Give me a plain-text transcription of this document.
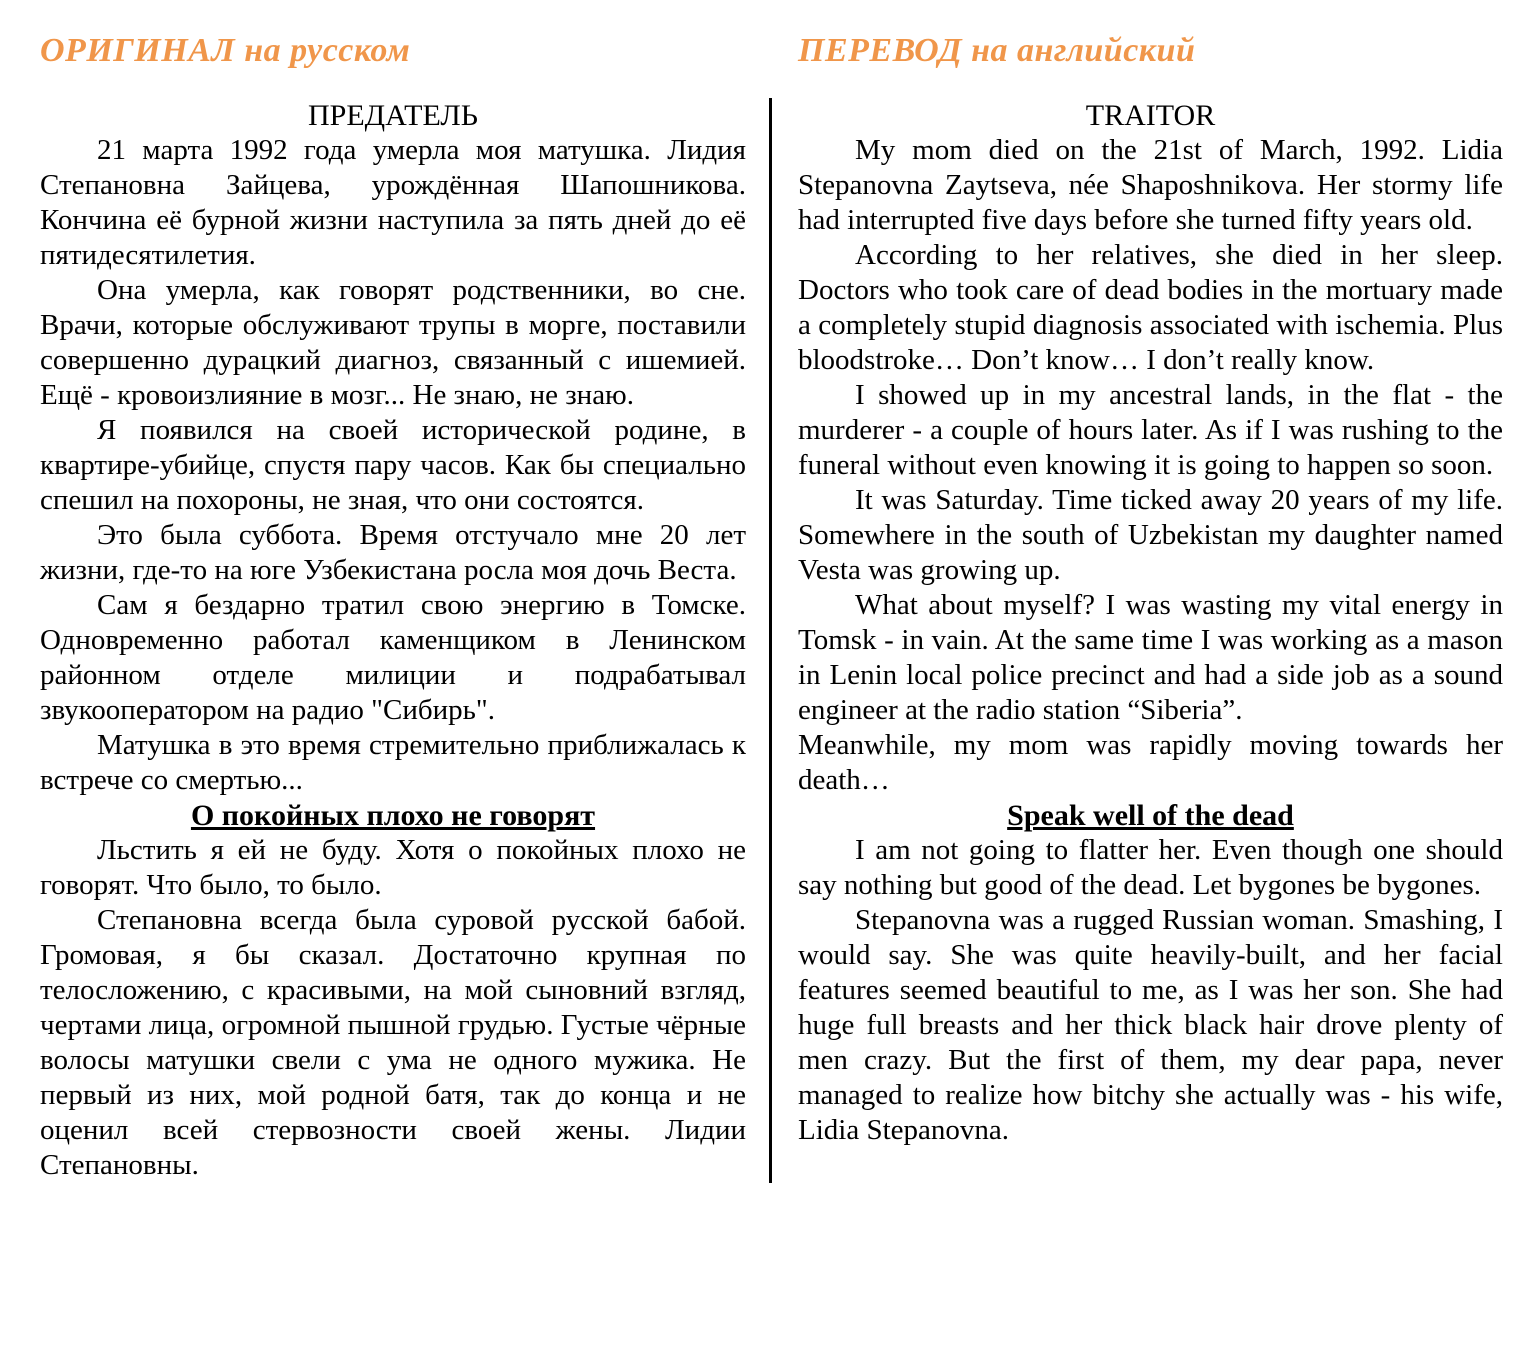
ОРИГИНАЛ на русском	ПЕРЕВОД на английский
ПРЕДАТЕЛЬ

21 марта 1992 года умерла моя матушка. Лидия Степановна Зайцева, урождённая Шапошникова. Кончина её бурной жизни наступила за пять дней до её пятидесятилетия.

Она умерла, как говорят родственники, во сне. Врачи, которые обслуживают трупы в морге, поставили совершенно дурацкий диагноз, связанный с ишемией. Ещё - кровоизлияние в мозг... Не знаю, не знаю.

Я появился на своей исторической родине, в квартире-убийце, спустя пару часов. Как бы специально спешил на похороны, не зная, что они состоятся.

Это была суббота. Время отстучало мне 20 лет жизни, где-то на юге Узбекистана росла моя дочь Веста.

Сам я бездарно тратил свою энергию в Томске. Одновременно работал каменщиком в Ленинском районном отделе милиции и подрабатывал звукооператором на радио "Сибирь".

Матушка в это время стремительно приближалась к встрече со смертью...

О покойных плохо не говорят

Льстить я ей не буду. Хотя о покойных плохо не говорят. Что было, то было.

Степановна всегда была суровой русской бабой. Громовая, я бы сказал. Достаточно крупная по телосложению, с красивыми, на мой сыновний взгляд, чертами лица, огромной пышной грудью. Густые чёрные волосы матушки свели с ума не одного мужика. Не первый из них, мой родной батя, так до конца и не оценил всей стервозности своей жены. Лидии Степановны.

TRAITOR

My mom died on the 21st of March, 1992. Lidia Stepanovna Zaytseva, née Shaposhnikova. Her stormy life had interrupted five days before she turned fifty years old.

According to her relatives, she died in her sleep. Doctors who took care of dead bodies in the mortuary made a completely stupid diagnosis associated with ischemia. Plus bloodstroke… Don’t know… I don’t really know.

I showed up in my ancestral lands, in the flat - the murderer - a couple of hours later. As if I was rushing to the funeral without even knowing it is going to happen so soon.

It was Saturday. Time ticked away 20 years of my life. Somewhere in the south of Uzbekistan my daughter named Vesta was growing up.

What about myself? I was wasting my vital energy in Tomsk - in vain. At the same time I was working as a mason in Lenin local police precinct and had a side job as a sound engineer at the radio station “Siberia”.

Meanwhile, my mom was rapidly moving towards her death…

Speak well of the dead

I am not going to flatter her. Even though one should say nothing but good of the dead. Let bygones be bygones.

Stepanovna was a rugged Russian woman. Smashing, I would say. She was quite heavily-built, and her facial features seemed beautiful to me, as I was her son. She had huge full breasts and her thick black hair drove plenty of men crazy. But the first of them, my dear papa, never managed to realize how bitchy she actually was - his wife, Lidia Stepanovna.
